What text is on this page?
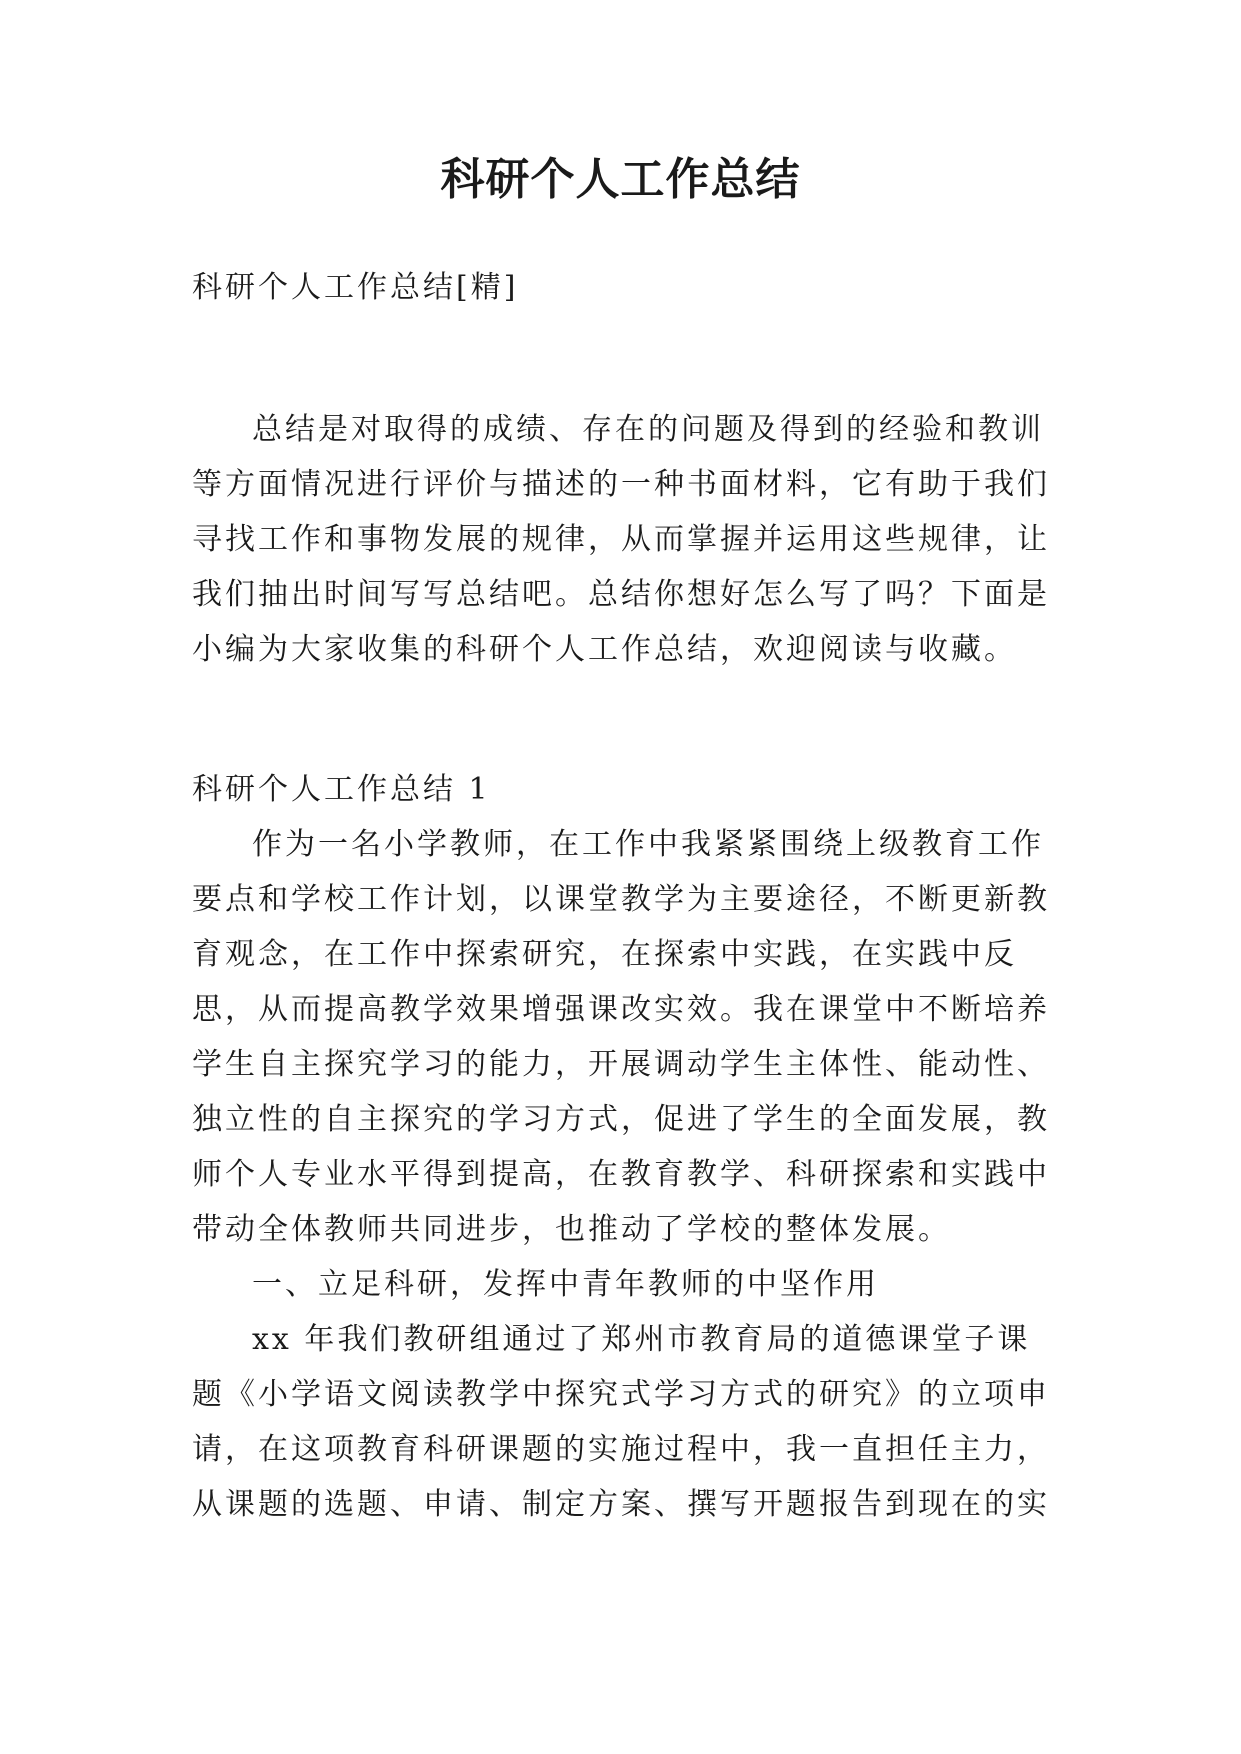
科研个人工作总结
科研个人工作总结[精]
总结是对取得的成绩、存在的问题及得到的经验和教训等方面情况进行评价与描述的一种书面材料，它有助于我们寻找工作和事物发展的规律，从而掌握并运用这些规律，让我们抽出时间写写总结吧。总结你想好怎么写了吗？下面是小编为大家收集的科研个人工作总结，欢迎阅读与收藏。
科研个人工作总结 1

作为一名小学教师，在工作中我紧紧围绕上级教育工作要点和学校工作计划，以课堂教学为主要途径，不断更新教育观念，在工作中探索研究，在探索中实践，在实践中反思，从而提高教学效果增强课改实效。我在课堂中不断培养学生自主探究学习的能力，开展调动学生主体性、能动性、独立性的自主探究的学习方式，促进了学生的全面发展，教师个人专业水平得到提高，在教育教学、科研探索和实践中带动全体教师共同进步，也推动了学校的整体发展。

一、立足科研，发挥中青年教师的中坚作用

xx 年我们教研组通过了郑州市教育局的道德课堂子课题《小学语文阅读教学中探究式学习方式的研究》的立项申请，在这项教育科研课题的实施过程中，我一直担任主力，从课题的选题、申请、制定方案、撰写开题报告到现在的实
